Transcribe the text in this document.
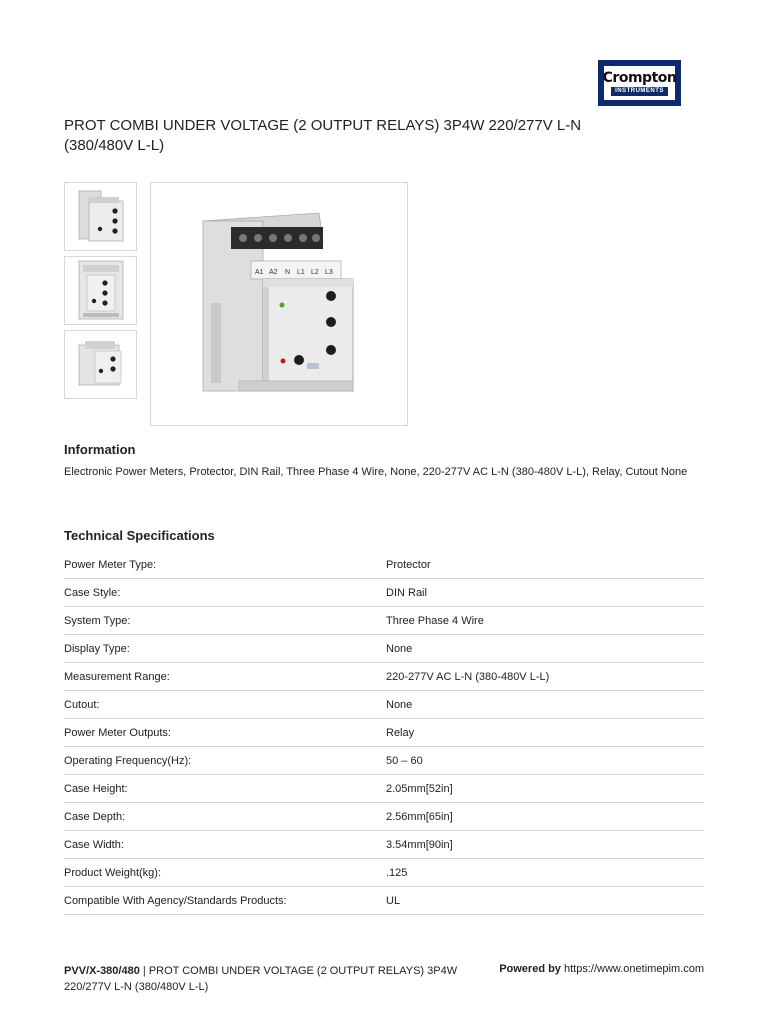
Crompton
INSTRUMENTS
PROT COMBI UNDER VOLTAGE (2 OUTPUT RELAYS) 3P4W 220/277V L-N (380/480V L-L)
A1 A2 N L1 L2 L3
Information
Electronic Power Meters, Protector, DIN Rail, Three Phase 4 Wire, None, 220-277V AC L-N (380-480V L-L), Relay, Cutout None
Technical Specifications
Power Meter Type:	Protector
Case Style:	DIN Rail
System Type:	Three Phase 4 Wire
Display Type:	None
Measurement Range:	220-277V AC L-N (380-480V L-L)
Cutout:	None
Power Meter Outputs:	Relay
Operating Frequency(Hz):	50 – 60
Case Height:	2.05mm[52in]
Case Depth:	2.56mm[65in]
Case Width:	3.54mm[90in]
Product Weight(kg):	.125
Compatible With Agency/Standards Products:	UL
PVV/X-380/480 | PROT COMBI UNDER VOLTAGE (2 OUTPUT RELAYS) 3P4W 220/277V L-N (380/480V L-L)
Powered by https://www.onetimepim.com
